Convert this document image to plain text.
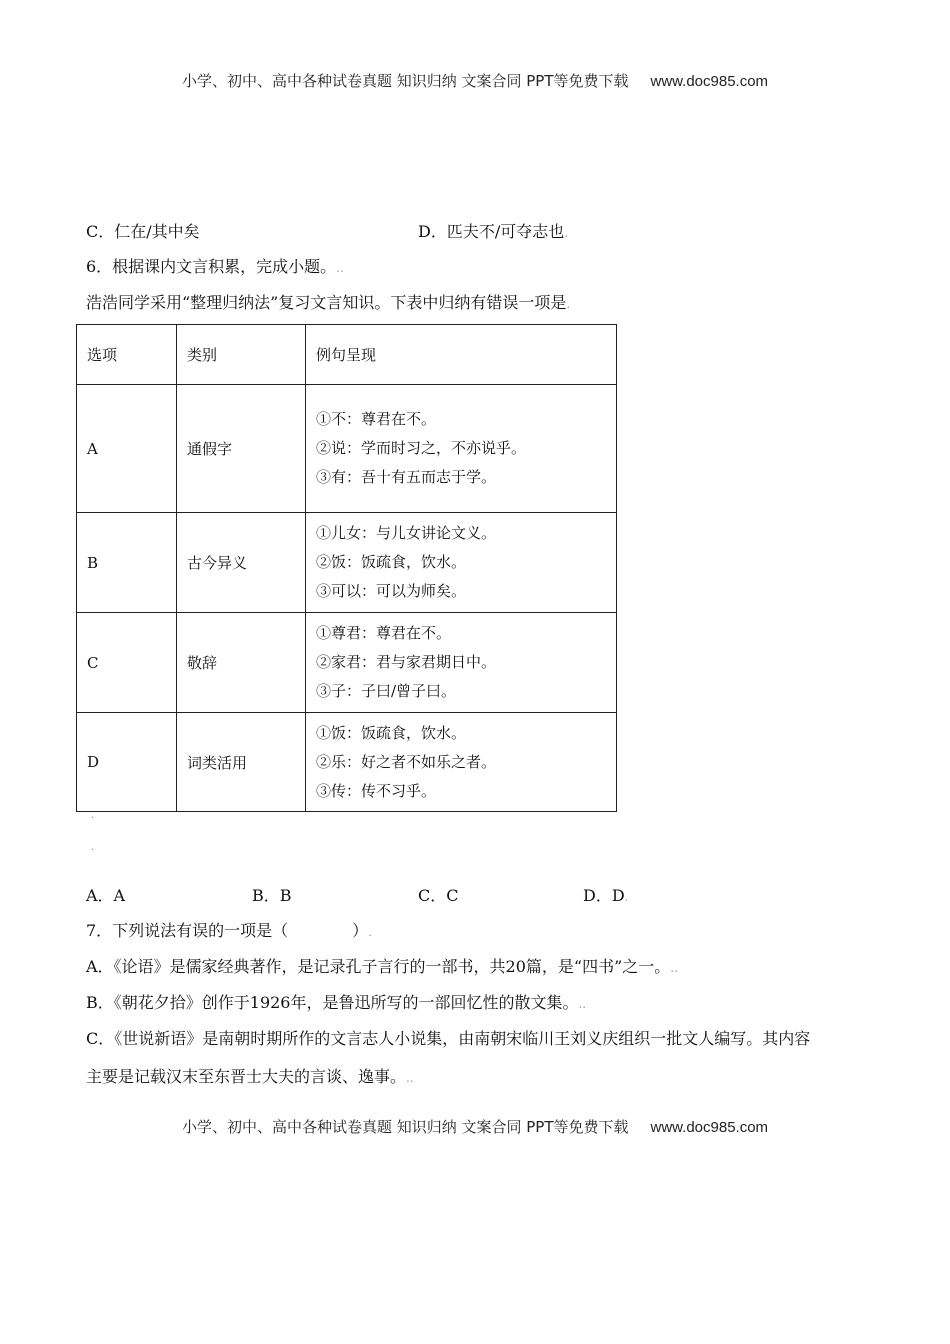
小学、初中、高中各种试卷真题 知识归纳 文案合同 PPT等免费下载 www.doc985.com
C．仁在/其中矣	D．匹夫不/可夺志也.
6．根据课内文言积累，完成小题。..
浩浩同学采用“整理归纳法”复习文言知识。下表中归纳有错误一项是.
选项	类别	例句呈现
A	通假字	①不：尊君在不。
②说：学而时习之，不亦说乎。
③有：吾十有五而志于学。

B	古今异义	①儿女：与儿女讲论文义。
②饭：饭疏食，饮水。
③可以：可以为师矣。

C	敬辞	①尊君：尊君在不。
②家君：君与家君期日中。
③子：子曰/曾子曰。

D	词类活用	①饭：饭疏食，饮水。
②乐：好之者不如乐之者。
③传：传不习乎。
.
.
A．A	B．B	C．C	D．D.
7．下列说法有误的一项是（　　　　）.
A．《论语》是儒家经典著作，是记录孔子言行的一部书，共20篇，是“四书”之一。..
B．《朝花夕拾》创作于1926年，是鲁迅所写的一部回忆性的散文集。..
C．《世说新语》是南朝时期所作的文言志人小说集，由南朝宋临川王刘义庆组织一批文人编写。其内容
主要是记载汉末至东晋士大夫的言谈、逸事。..
小学、初中、高中各种试卷真题 知识归纳 文案合同 PPT等免费下载 www.doc985.com
